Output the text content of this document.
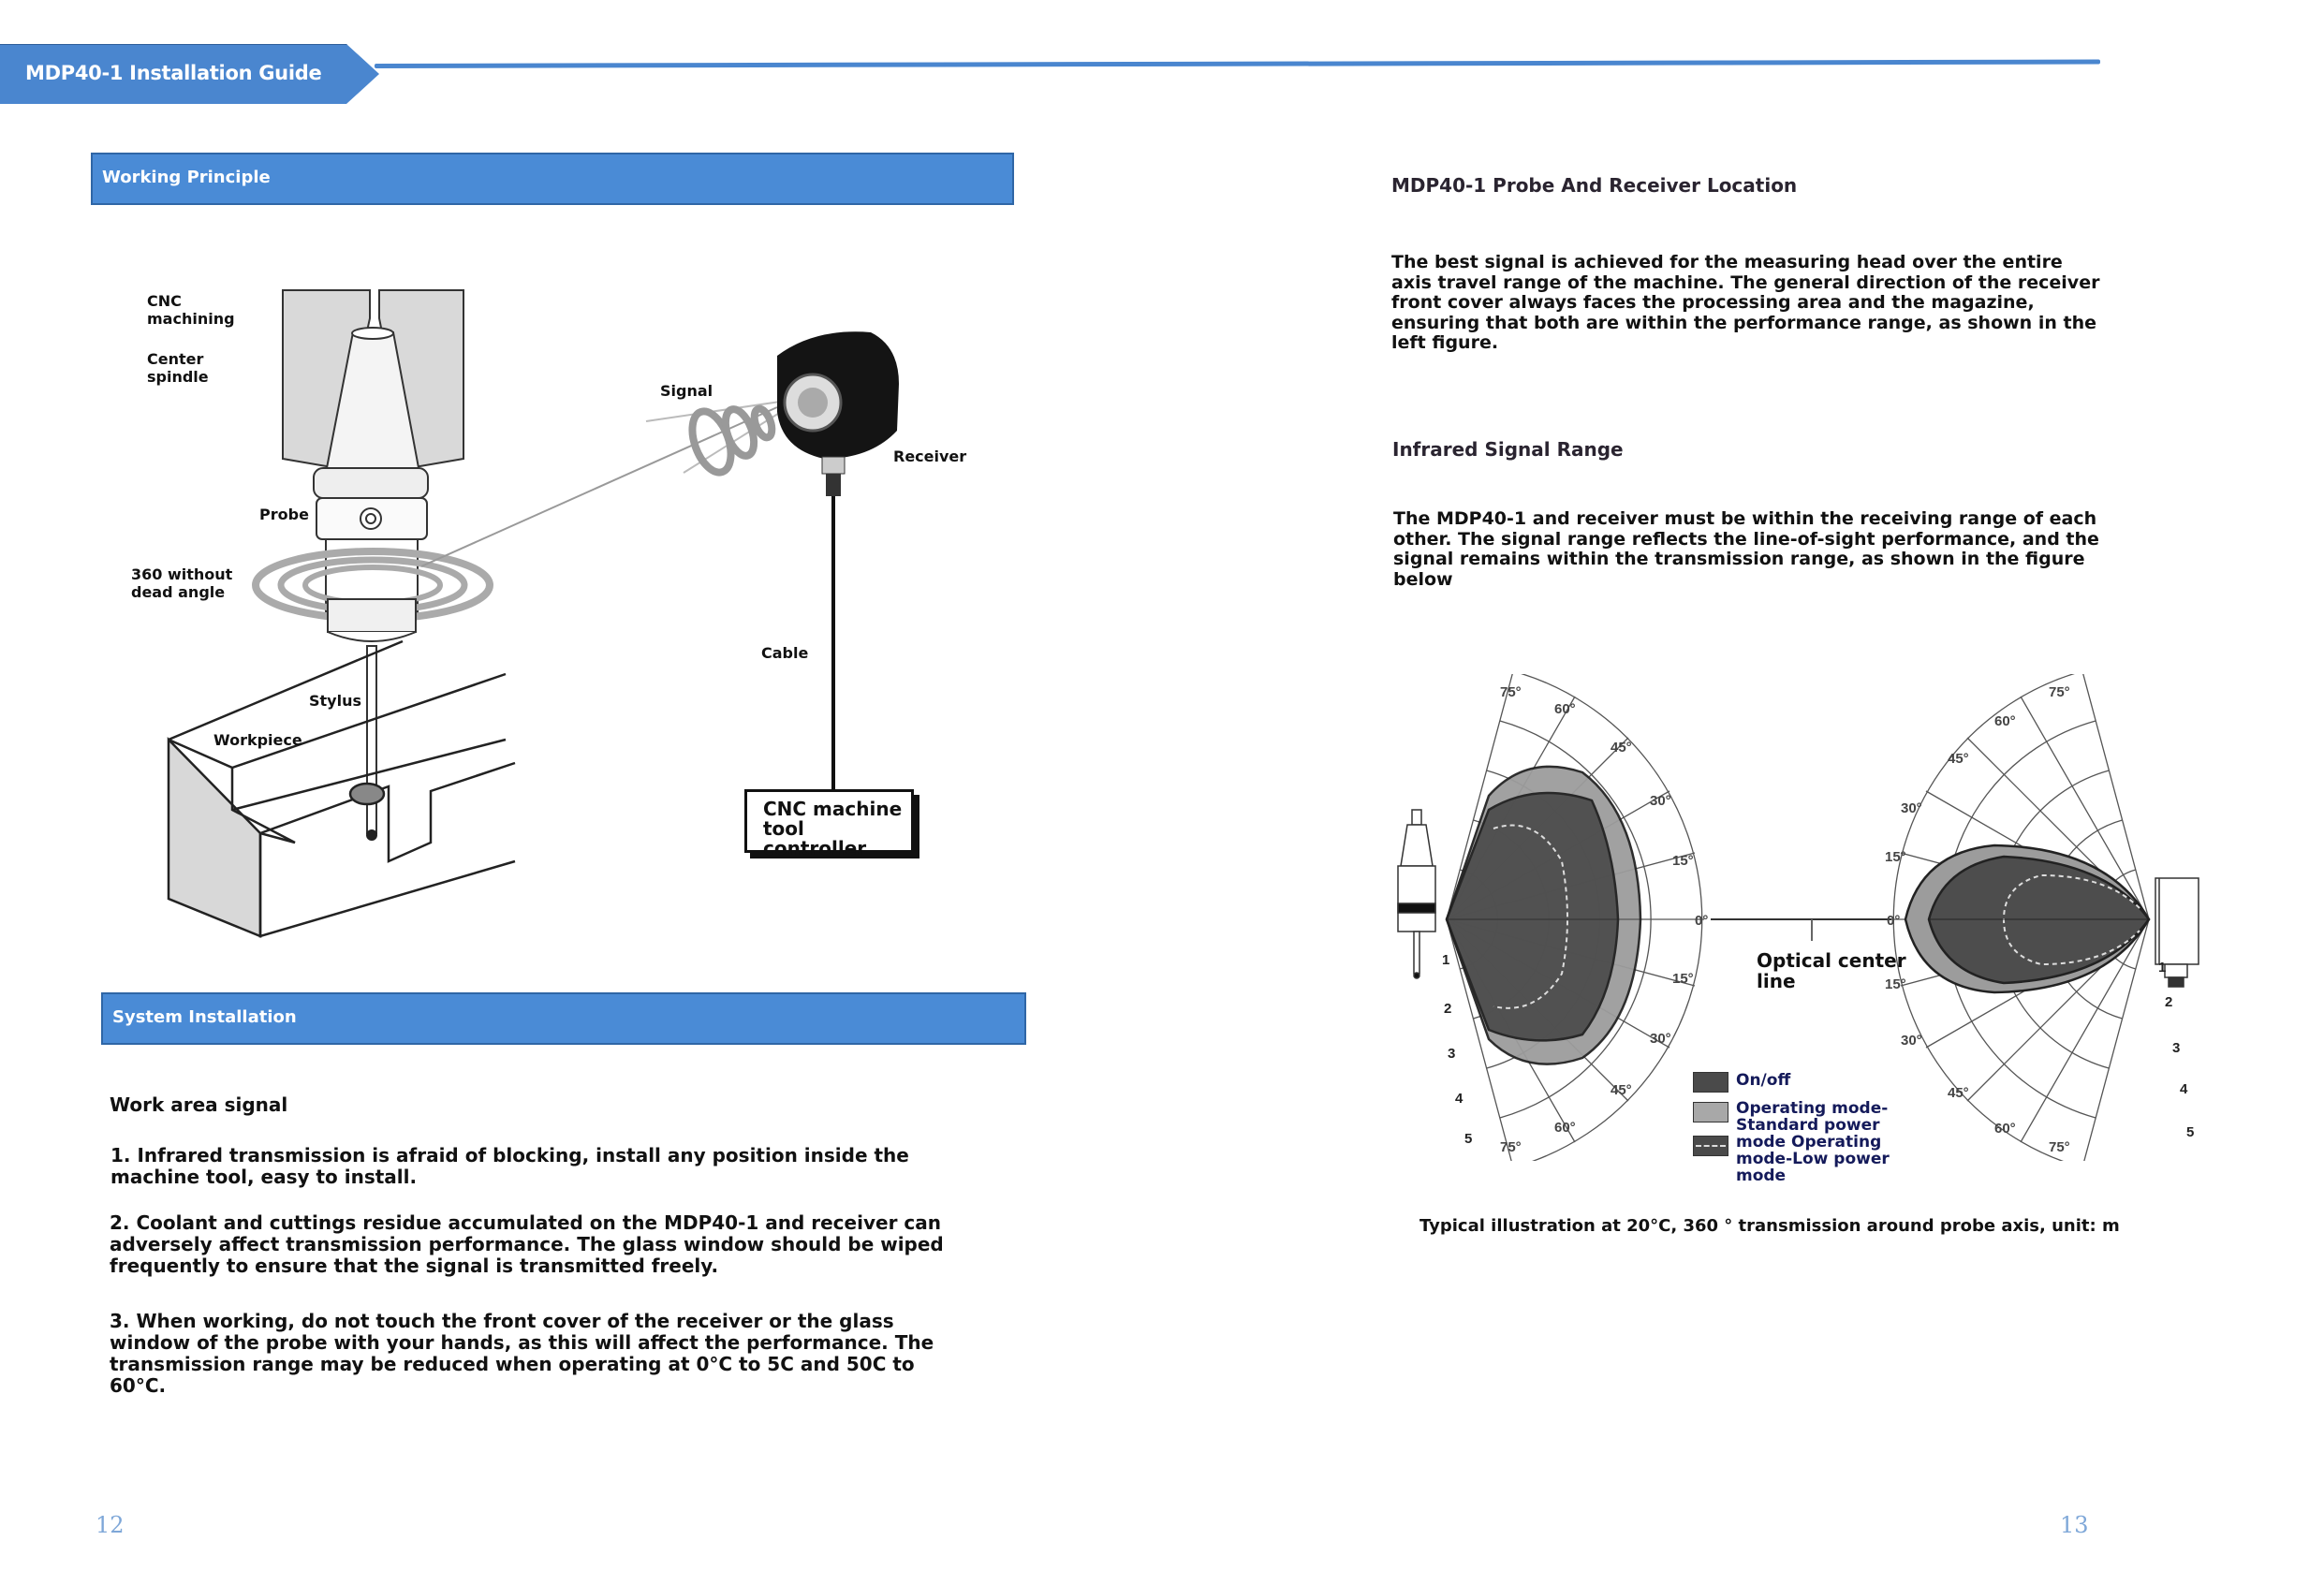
MDP40-1 Installation Guide
Working Principle
CNC machining
Center spindle
Probe
360 without dead angle
Stylus
Workpiece
Signal
Receiver
Cable
CNC machine tool controller
System Installation
Work area signal
1. Infrared transmission is afraid of blocking, install any position inside the machine tool, easy to install.
2. Coolant and cuttings residue accumulated on the MDP40-1 and receiver can adversely affect transmission performance. The glass window should be wiped frequently to ensure that the signal is transmitted freely.
3. When working, do not touch the front cover of the receiver or the glass window of the probe with your hands, as this will affect the performance. The transmission range may be reduced when operating at 0°C to 5C and 50C to 60°C.
12
MDP40-1 Probe And Receiver Location
The best signal is achieved for the measuring head over the entire axis travel range of the machine. The general direction of the receiver front cover always faces the processing area and the magazine, ensuring that both are within the performance range, as shown in the left figure.
Infrared Signal Range
The MDP40-1 and receiver must be within the receiving range of each other. The signal range reflects the line-of-sight performance, and the signal remains within the transmission range, as shown in the figure below
75°
60°
45°
30°
15°
0°
15°
30°
45°
60°
75°
75°
60°
45°
30°
15°
0°
15°
30°
45°
60°
75°
1
2
3
4
5
1
2
3
4
5
Optical center line
On/off
Operating mode-Standard power
mode Operating mode-Low power mode
Typical illustration at 20°C, 360 ° transmission around probe axis, unit: m
13
